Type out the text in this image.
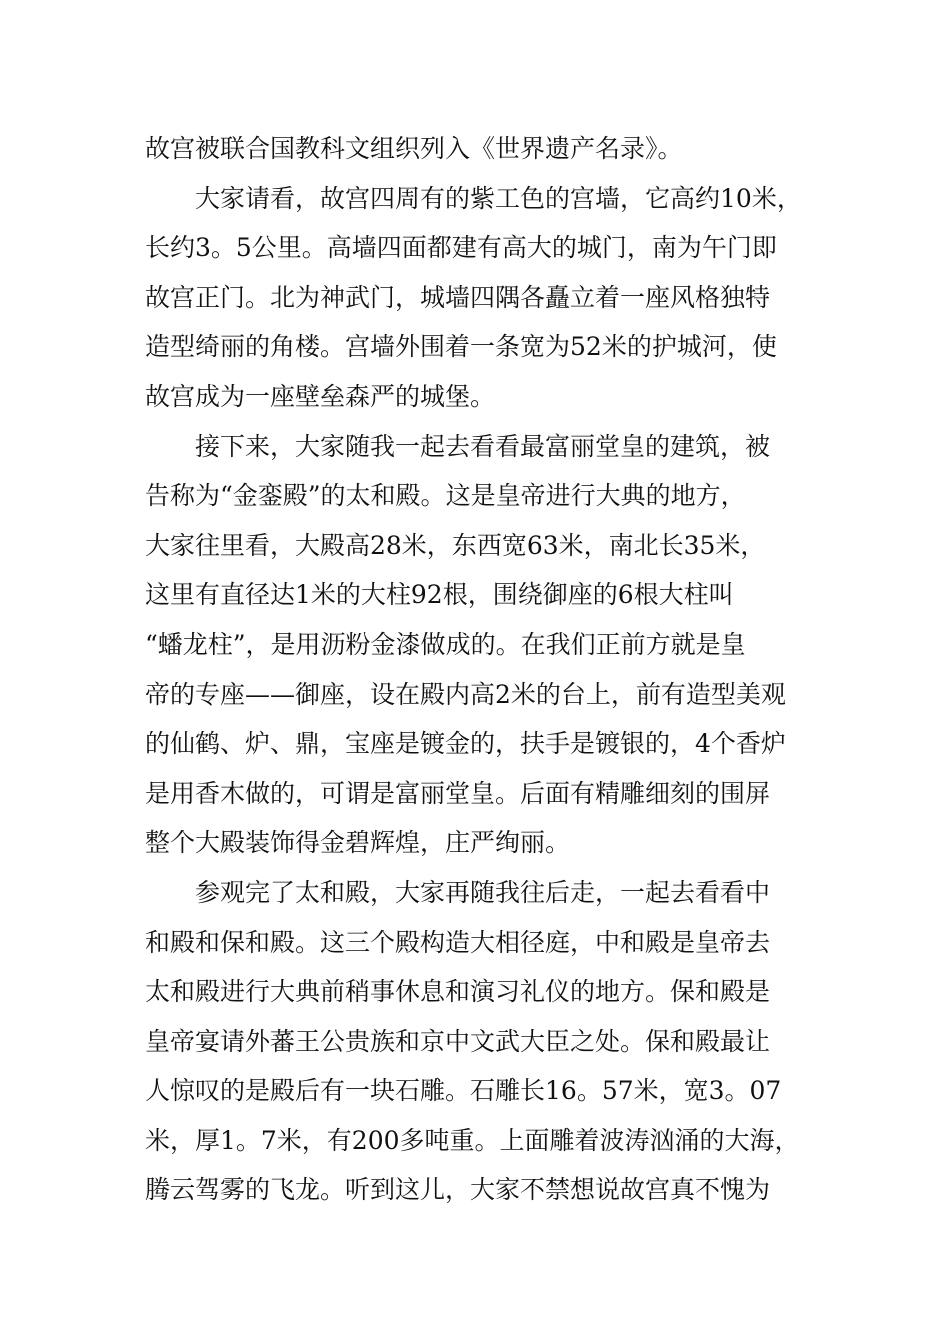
故宫被联合国教科文组织列入《世界遗产名录》。
大家请看，故宫四周有的紫工色的宫墙，它高约10米，
长约3。5公里。高墙四面都建有高大的城门，南为午门即
故宫正门。北为神武门，城墙四隅各矗立着一座风格独特
造型绮丽的角楼。宫墙外围着一条宽为52米的护城河，使
故宫成为一座壁垒森严的城堡。
接下来，大家随我一起去看看最富丽堂皇的建筑，被
告称为“金銮殿”的太和殿。这是皇帝进行大典的地方，
大家往里看，大殿高28米，东西宽63米，南北长35米，
这里有直径达1米的大柱92根，围绕御座的6根大柱叫
“蟠龙柱”，是用沥粉金漆做成的。在我们正前方就是皇
帝的专座——御座，设在殿内高2米的台上，前有造型美观
的仙鹤、炉、鼎，宝座是镀金的，扶手是镀银的，4个香炉
是用香木做的，可谓是富丽堂皇。后面有精雕细刻的围屏
整个大殿装饰得金碧辉煌，庄严绚丽。
参观完了太和殿，大家再随我往后走，一起去看看中
和殿和保和殿。这三个殿构造大相径庭，中和殿是皇帝去
太和殿进行大典前稍事休息和演习礼仪的地方。保和殿是
皇帝宴请外蕃王公贵族和京中文武大臣之处。保和殿最让
人惊叹的是殿后有一块石雕。石雕长16。57米，宽3。07
米，厚1。7米，有200多吨重。上面雕着波涛汹涌的大海，
腾云驾雾的飞龙。听到这儿，大家不禁想说故宫真不愧为
